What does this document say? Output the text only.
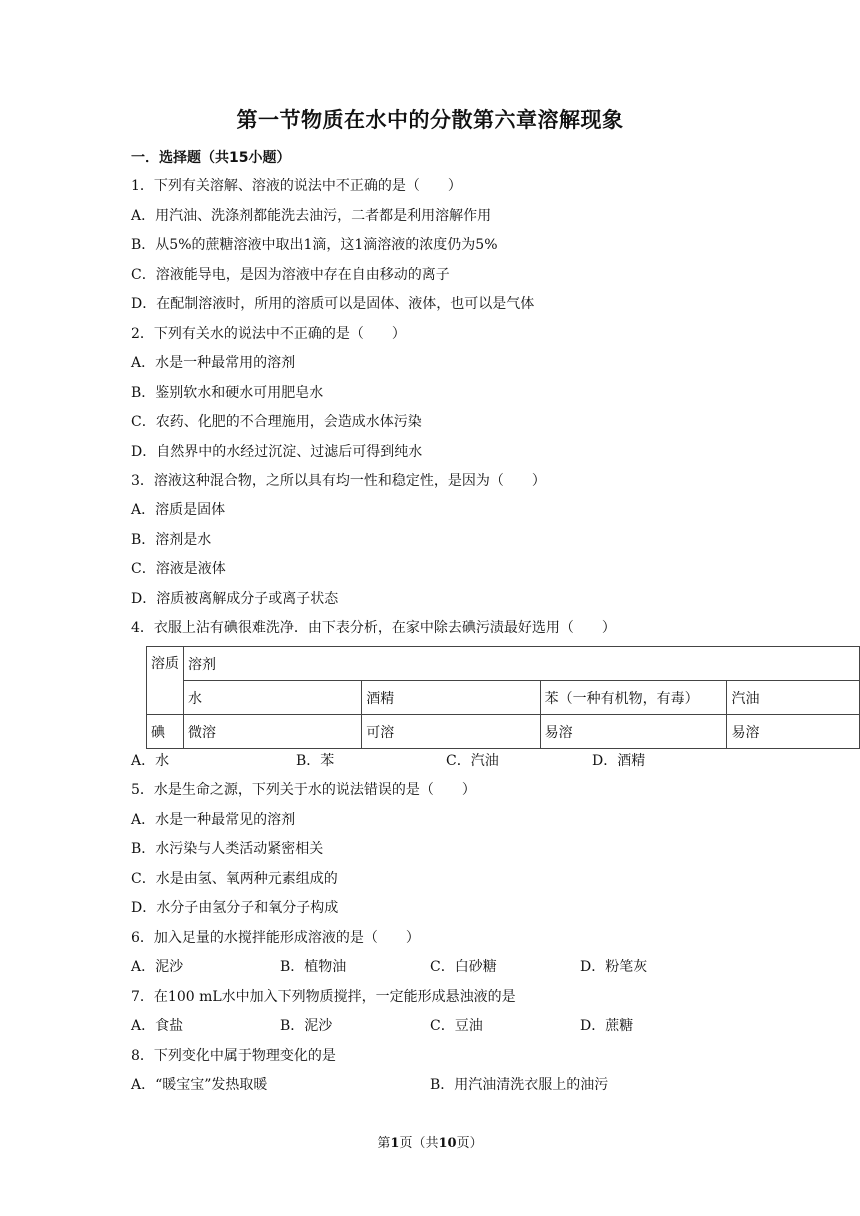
第一节物质在水中的分散第六章溶解现象
一．选择题（共15小题）
1．下列有关溶解、溶液的说法中不正确的是（　　）
A．用汽油、洗涤剂都能洗去油污，二者都是利用溶解作用
B．从5%的蔗糖溶液中取出1滴，这1滴溶液的浓度仍为5%
C．溶液能导电，是因为溶液中存在自由移动的离子
D．在配制溶液时，所用的溶质可以是固体、液体，也可以是气体
2．下列有关水的说法中不正确的是（　　）
A．水是一种最常用的溶剂
B．鉴别软水和硬水可用肥皂水
C．农药、化肥的不合理施用，会造成水体污染
D．自然界中的水经过沉淀、过滤后可得到纯水
3．溶液这种混合物，之所以具有均一性和稳定性，是因为（　　）
A．溶质是固体
B．溶剂是水
C．溶液是液体
D．溶质被离解成分子或离子状态
4．衣服上沾有碘很难洗净．由下表分析，在家中除去碘污渍最好选用（　　）
溶质	溶剂			
	水	酒精	苯（一种有机物，有毒）	汽油
碘	微溶	可溶	易溶	易溶
A．水	B．苯	C．汽油	D．酒精
5．水是生命之源，下列关于水的说法错误的是（　　）
A．水是一种最常见的溶剂
B．水污染与人类活动紧密相关
C．水是由氢、氧两种元素组成的
D．水分子由氢分子和氧分子构成
6．加入足量的水搅拌能形成溶液的是（　　）
A．泥沙	B．植物油	C．白砂糖	D．粉笔灰
7．在100 mL水中加入下列物质搅拌，一定能形成悬浊液的是
A．食盐	B．泥沙	C．豆油	D．蔗糖
8．下列变化中属于物理变化的是
A．“暖宝宝”发热取暖	B．用汽油清洗衣服上的油污
第1页（共10页）
